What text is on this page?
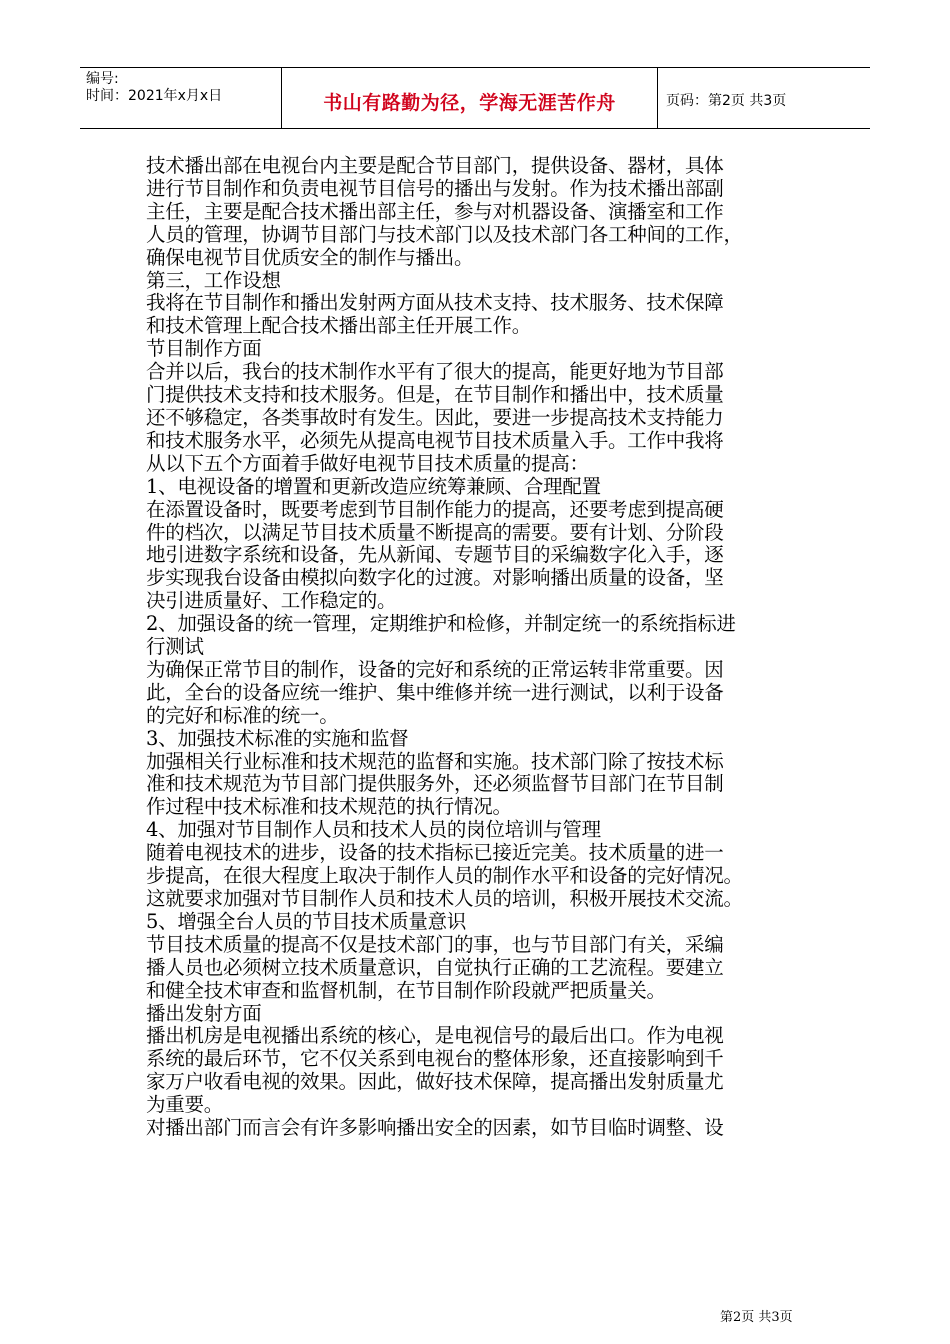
编号:
时间：2021年x月x日	书山有路勤为径，学海无涯苦作舟	页码：第2页 共3页

技术播出部在电视台内主要是配合节目部门，提供设备、器材，具体

进行节目制作和负责电视节目信号的播出与发射。作为技术播出部副

主任，主要是配合技术播出部主任，参与对机器设备、演播室和工作

人员的管理，协调节目部门与技术部门以及技术部门各工种间的工作，

确保电视节目优质安全的制作与播出。

第三，工作设想

我将在节目制作和播出发射两方面从技术支持、技术服务、技术保障

和技术管理上配合技术播出部主任开展工作。

节目制作方面

合并以后，我台的技术制作水平有了很大的提高，能更好地为节目部

门提供技术支持和技术服务。但是，在节目制作和播出中，技术质量

还不够稳定，各类事故时有发生。因此，要进一步提高技术支持能力

和技术服务水平，必须先从提高电视节目技术质量入手。工作中我将

从以下五个方面着手做好电视节目技术质量的提高：

1、电视设备的增置和更新改造应统筹兼顾、合理配置

在添置设备时，既要考虑到节目制作能力的提高，还要考虑到提高硬

件的档次，以满足节目技术质量不断提高的需要。要有计划、分阶段

地引进数字系统和设备，先从新闻、专题节目的采编数字化入手，逐

步实现我台设备由模拟向数字化的过渡。对影响播出质量的设备，坚

决引进质量好、工作稳定的。

2、加强设备的统一管理，定期维护和检修，并制定统一的系统指标进

行测试

为确保正常节目的制作，设备的完好和系统的正常运转非常重要。因

此，全台的设备应统一维护、集中维修并统一进行测试，以利于设备

的完好和标准的统一。

3、加强技术标准的实施和监督

加强相关行业标准和技术规范的监督和实施。技术部门除了按技术标

准和技术规范为节目部门提供服务外，还必须监督节目部门在节目制

作过程中技术标准和技术规范的执行情况。

4、加强对节目制作人员和技术人员的岗位培训与管理

随着电视技术的进步，设备的技术指标已接近完美。技术质量的进一

步提高，在很大程度上取决于制作人员的制作水平和设备的完好情况。

这就要求加强对节目制作人员和技术人员的培训，积极开展技术交流。

5、增强全台人员的节目技术质量意识

节目技术质量的提高不仅是技术部门的事，也与节目部门有关，采编

播人员也必须树立技术质量意识，自觉执行正确的工艺流程。要建立

和健全技术审查和监督机制，在节目制作阶段就严把质量关。

播出发射方面

播出机房是电视播出系统的核心，是电视信号的最后出口。作为电视

系统的最后环节，它不仅关系到电视台的整体形象，还直接影响到千

家万户收看电视的效果。因此，做好技术保障，提高播出发射质量尤

为重要。

对播出部门而言会有许多影响播出安全的因素，如节目临时调整、设

第2页 共3页
